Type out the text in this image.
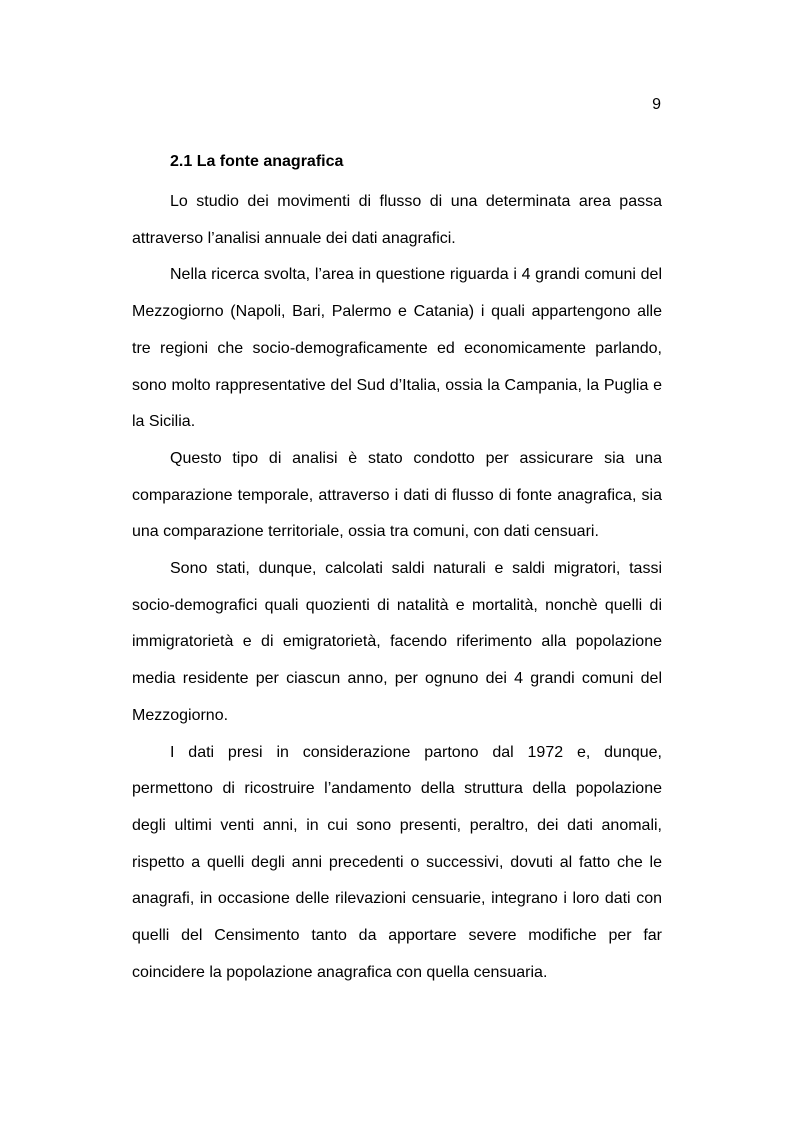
9
2.1 La fonte anagrafica

Lo studio dei movimenti di flusso di una determinata area passa attraverso l’analisi annuale dei dati anagrafici.

Nella ricerca svolta, l’area in questione riguarda i 4 grandi comuni del Mezzogiorno (Napoli, Bari, Palermo e Catania) i quali appartengono alle tre regioni che socio-demograficamente ed economicamente parlando, sono molto rappresentative del Sud d’Italia, ossia la Campania, la Puglia e la Sicilia.

Questo tipo di analisi è stato condotto per assicurare sia una comparazione temporale, attraverso i dati di flusso di fonte anagrafica, sia una comparazione territoriale, ossia tra comuni, con dati censuari.

Sono stati, dunque, calcolati saldi naturali e saldi migratori, tassi socio-demografici quali quozienti di natalità e mortalità, nonchè quelli di immigratorietà e di emigratorietà, facendo riferimento alla popolazione media residente per ciascun anno, per ognuno dei 4 grandi comuni del Mezzogiorno.

I dati presi in considerazione partono dal 1972 e, dunque, permettono di ricostruire l’andamento della struttura della popolazione degli ultimi venti anni, in cui sono presenti, peraltro, dei dati anomali, rispetto a quelli degli anni precedenti o successivi, dovuti al fatto che le anagrafi, in occasione delle rilevazioni censuarie, integrano i loro dati con quelli del Censimento tanto da apportare severe modifiche per far coincidere la popolazione anagrafica con quella censuaria.
